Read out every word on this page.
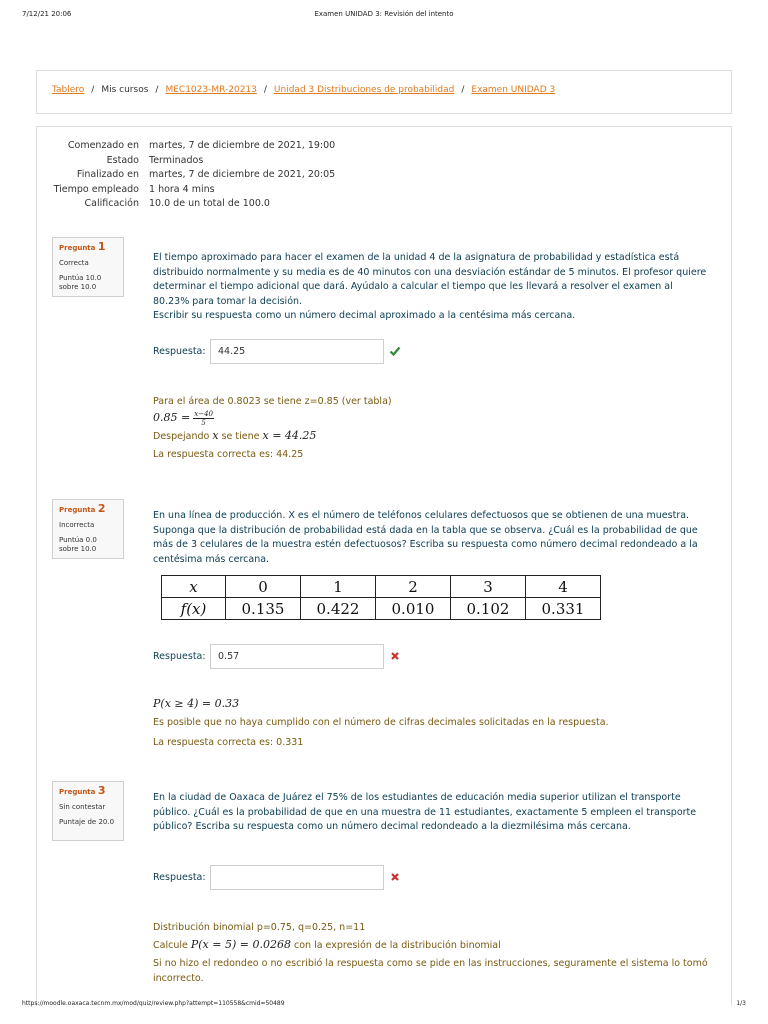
7/12/21 20:06	Examen UNIDAD 3: Revisión del intento
Tablero / Mis cursos / MEC1023-MR-20213 / Unidad 3 Distribuciones de probabilidad / Examen UNIDAD 3
Comenzado en	martes, 7 de diciembre de 2021, 19:00
Estado	Terminados
Finalizado en	martes, 7 de diciembre de 2021, 20:05
Tiempo empleado	1 hora 4 mins
Calificación	10.0 de un total de 100.0
Pregunta 1
Correcta
Puntúa 10.0 sobre 10.0

El tiempo aproximado para hacer el examen de la unidad 4 de la asignatura de probabilidad y estadística está distribuido normalmente y su media es de 40 minutos con una desviación estándar de 5 minutos. El profesor quiere determinar el tiempo adicional que dará. Ayúdalo a calcular el tiempo que les llevará a resolver el examen al 80.23% para tomar la decisión.

Escribir su respuesta como un número decimal aproximado a la centésima más cercana.

Respuesta:	44.25
Para el área de 0.8023 se tiene z=0.85 (ver tabla)
$0.85 = \frac{x-40}{5}$
Despejando x se tiene x = 44.25
La respuesta correcta es: 44.25
Pregunta 2
Incorrecta
Puntúa 0.0 sobre 10.0

En una línea de producción. X es el número de teléfonos celulares defectuosos que se obtienen de una muestra. Suponga que la distribución de probabilidad está dada en la tabla que se observa. ¿Cuál es la probabilidad de que más de 3 celulares de la muestra estén defectuosos? Escriba su respuesta como número decimal redondeado a la centésima más cercana.

x	0	1	2	3	4
f(x)	0.135	0.422	0.010	0.102	0.331
Respuesta:	0.57
P(x ≥ 4) = 0.33
Es posible que no haya cumplido con el número de cifras decimales solicitadas en la respuesta.
La respuesta correcta es: 0.331
Pregunta 3
Sin contestar
Puntaje de 20.0

En la ciudad de Oaxaca de Juárez el 75% de los estudiantes de educación media superior utilizan el transporte público. ¿Cuál es la probabilidad de que en una muestra de 11 estudiantes, exactamente 5 empleen el transporte público? Escriba su respuesta como un número decimal redondeado a la diezmilésima más cercana.

Respuesta:
Distribución binomial p=0.75, q=0.25, n=11
Calcule P(x = 5) = 0.0268 con la expresión de la distribución binomial
Si no hizo el redondeo o no escribió la respuesta como se pide en las instrucciones, seguramente el sistema lo tomó incorrecto.
https://moodle.oaxaca.tecnm.mx/mod/quiz/review.php?attempt=110558&cmid=50489	1/3
